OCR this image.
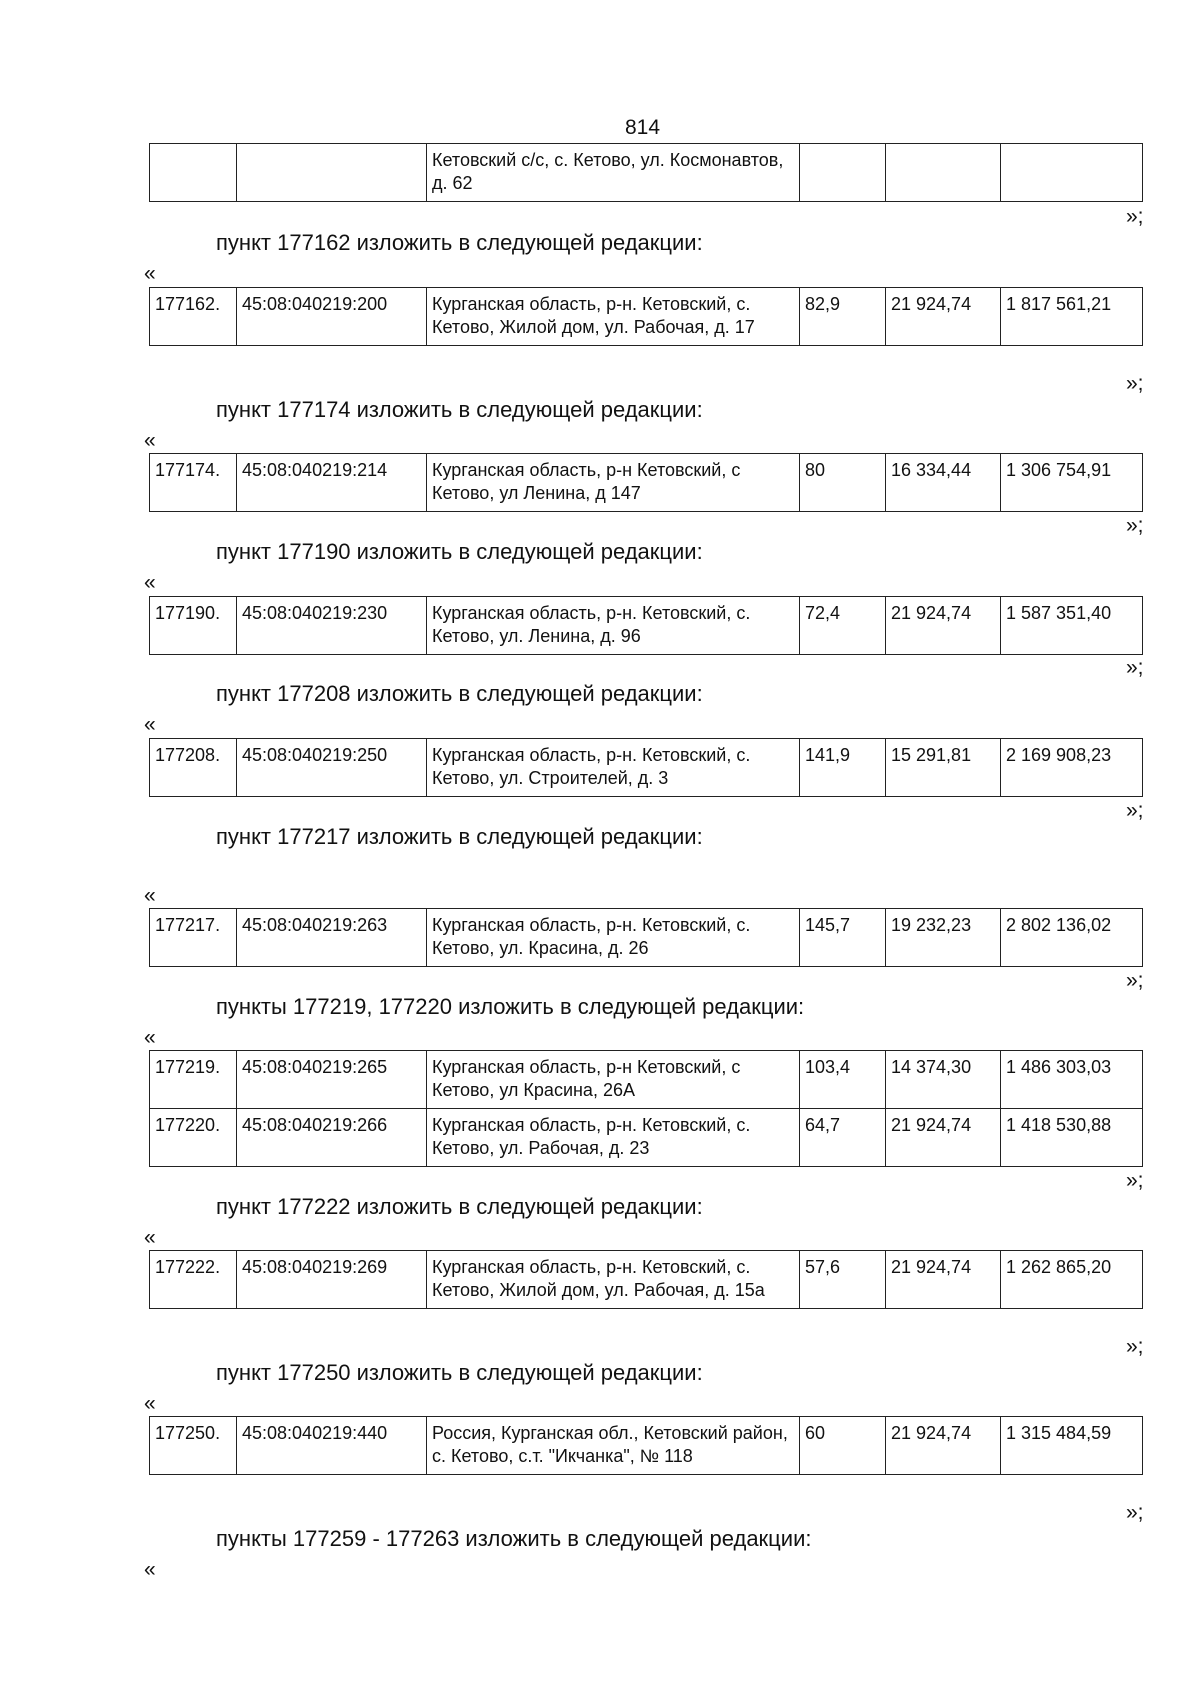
814
		Кетовский с/с, с. Кетово, ул. Космонавтов, д. 62			
»;
пункт 177162 изложить в следующей редакции:
«
177162.	45:08:040219:200	Курганская область, р-н. Кетовский, с. Кетово, Жилой дом, ул. Рабочая, д. 17	82,9	21 924,74	1 817 561,21
»;
пункт 177174 изложить в следующей редакции:
«
177174.	45:08:040219:214	Курганская область, р-н Кетовский, с Кетово, ул Ленина, д 147	80	16 334,44	1 306 754,91
»;
пункт 177190 изложить в следующей редакции:
«
177190.	45:08:040219:230	Курганская область, р-н. Кетовский, с. Кетово, ул. Ленина, д. 96	72,4	21 924,74	1 587 351,40
»;
пункт 177208 изложить в следующей редакции:
«
177208.	45:08:040219:250	Курганская область, р-н. Кетовский, с. Кетово, ул. Строителей, д. 3	141,9	15 291,81	2 169 908,23
»;
пункт 177217 изложить в следующей редакции:
«
177217.	45:08:040219:263	Курганская область, р-н. Кетовский, с. Кетово, ул. Красина, д. 26	145,7	19 232,23	2 802 136,02
»;
пункты 177219, 177220 изложить в следующей редакции:
«
177219.	45:08:040219:265	Курганская область, р-н Кетовский, с Кетово, ул Красина, 26А	103,4	14 374,30	1 486 303,03
177220.	45:08:040219:266	Курганская область, р-н. Кетовский, с. Кетово, ул. Рабочая, д. 23	64,7	21 924,74	1 418 530,88
»;
пункт 177222 изложить в следующей редакции:
«
177222.	45:08:040219:269	Курганская область, р-н. Кетовский, с. Кетово, Жилой дом, ул. Рабочая, д. 15а	57,6	21 924,74	1 262 865,20
»;
пункт 177250 изложить в следующей редакции:
«
177250.	45:08:040219:440	Россия, Курганская обл., Кетовский район, с. Кетово, с.т. "Икчанка", № 118	60	21 924,74	1 315 484,59
»;
пункты 177259 - 177263 изложить в следующей редакции:
«
